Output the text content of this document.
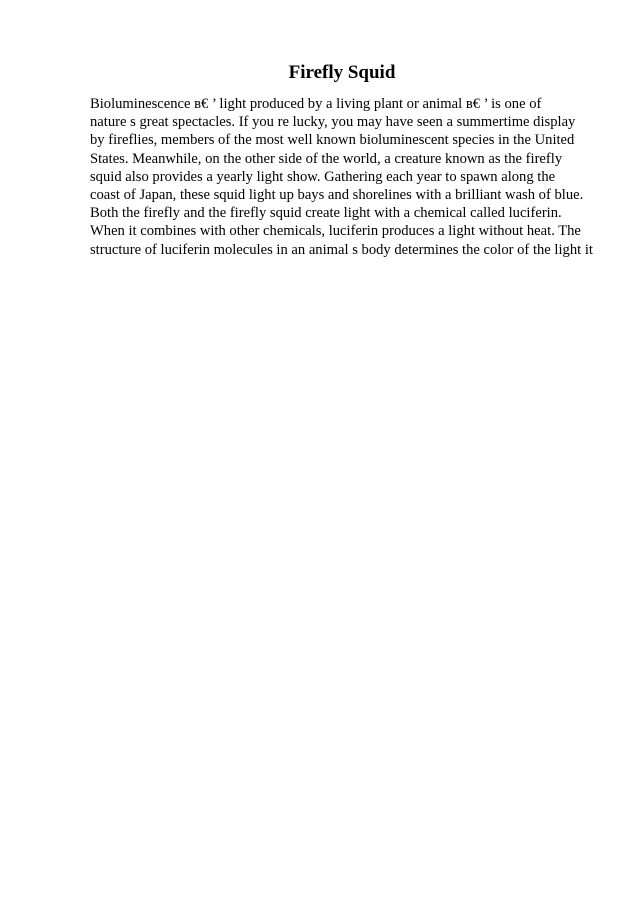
Firefly Squid
Bioluminescence в€ ’ light produced by a living plant or animal в€ ’ is one of
nature s great spectacles. If you re lucky, you may have seen a summertime display
by fireflies, members of the most well known bioluminescent species in the United
States. Meanwhile, on the other side of the world, a creature known as the firefly
squid also provides a yearly light show. Gathering each year to spawn along the
coast of Japan, these squid light up bays and shorelines with a brilliant wash of blue.
Both the firefly and the firefly squid create light with a chemical called luciferin.
When it combines with other chemicals, luciferin produces a light without heat. The
structure of luciferin molecules in an animal s body determines the color of the light it
